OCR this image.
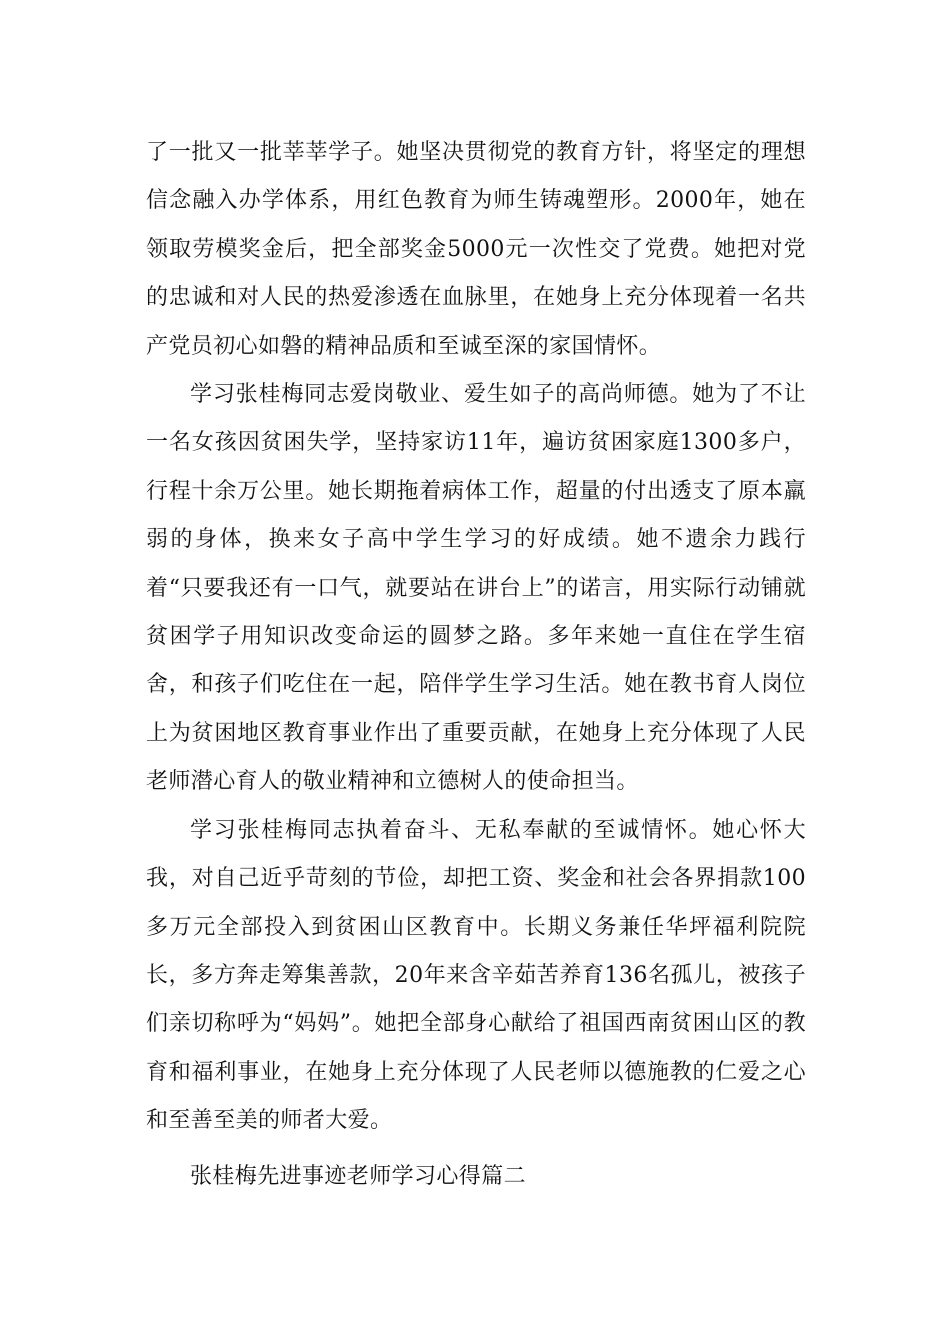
了一批又一批莘莘学子。她坚决贯彻党的教育方针，将坚定的理想信念融入办学体系，用红色教育为师生铸魂塑形。2000年，她在领取劳模奖金后，把全部奖金5000元一次性交了党费。她把对党的忠诚和对人民的热爱渗透在血脉里，在她身上充分体现着一名共产党员初心如磐的精神品质和至诚至深的家国情怀。

学习张桂梅同志爱岗敬业、爱生如子的高尚师德。她为了不让一名女孩因贫困失学，坚持家访11年，遍访贫困家庭1300多户，行程十余万公里。她长期拖着病体工作，超量的付出透支了原本羸弱的身体，换来女子高中学生学习的好成绩。她不遗余力践行着“只要我还有一口气，就要站在讲台上”的诺言，用实际行动铺就贫困学子用知识改变命运的圆梦之路。多年来她一直住在学生宿舍，和孩子们吃住在一起，陪伴学生学习生活。她在教书育人岗位上为贫困地区教育事业作出了重要贡献，在她身上充分体现了人民老师潜心育人的敬业精神和立德树人的使命担当。

学习张桂梅同志执着奋斗、无私奉献的至诚情怀。她心怀大我，对自己近乎苛刻的节俭，却把工资、奖金和社会各界捐款100多万元全部投入到贫困山区教育中。长期义务兼任华坪福利院院长，多方奔走筹集善款，20年来含辛茹苦养育136名孤儿，被孩子们亲切称呼为“妈妈”。她把全部身心献给了祖国西南贫困山区的教育和福利事业，在她身上充分体现了人民老师以德施教的仁爱之心和至善至美的师者大爱。

张桂梅先进事迹老师学习心得篇二
